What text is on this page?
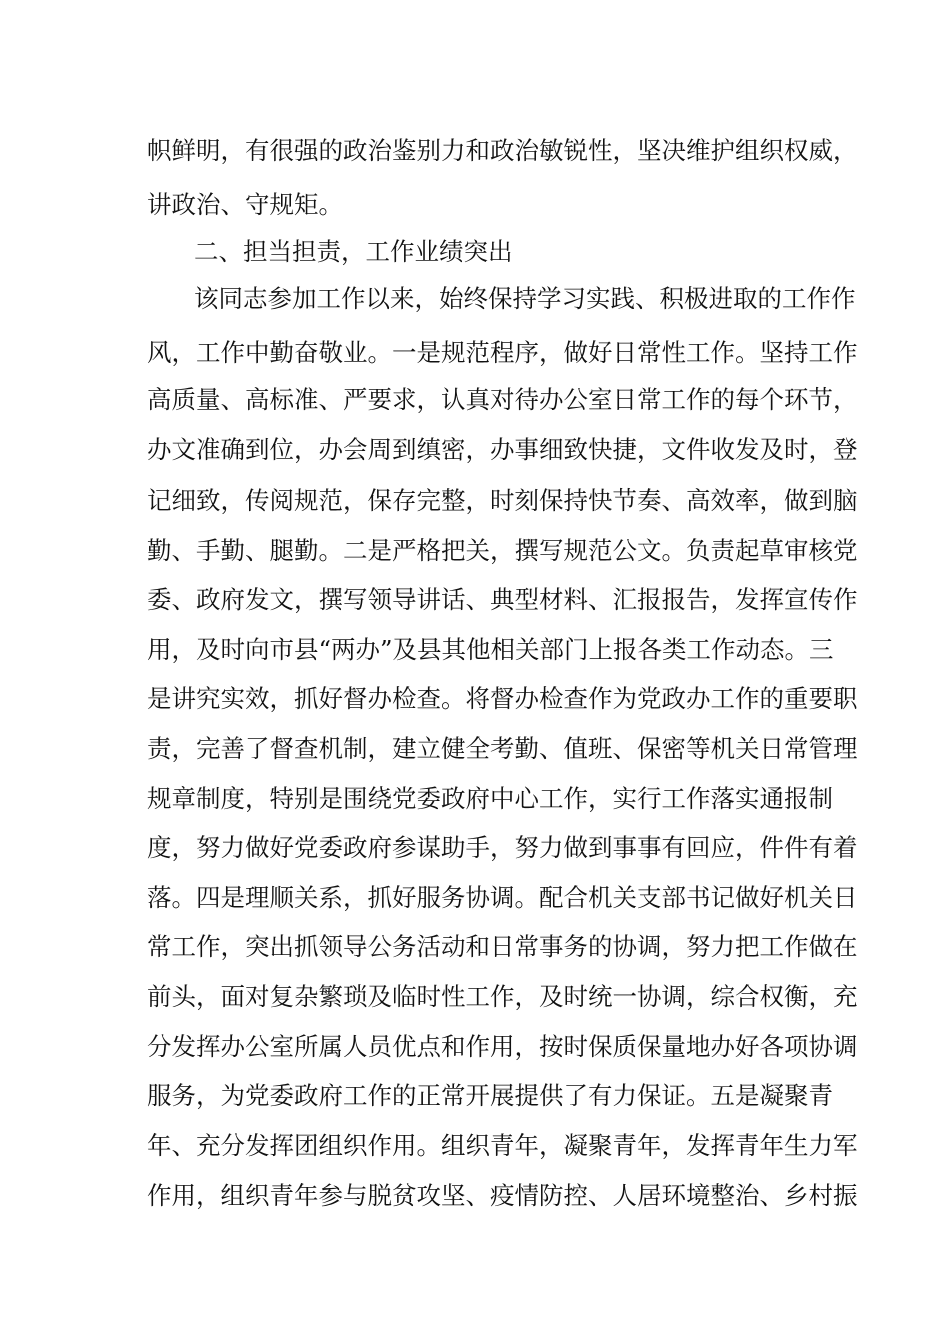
帜鲜明，有很强的政治鉴别力和政治敏锐性，坚决维护组织权威，
讲政治、守规矩。
二、担当担责，工作业绩突出
该同志参加工作以来，始终保持学习实践、积极进取的工作作
风，工作中勤奋敬业。一是规范程序，做好日常性工作。坚持工作
高质量、高标准、严要求，认真对待办公室日常工作的每个环节，
办文准确到位，办会周到缜密，办事细致快捷，文件收发及时，登
记细致，传阅规范，保存完整，时刻保持快节奏、高效率，做到脑
勤、手勤、腿勤。二是严格把关，撰写规范公文。负责起草审核党
委、政府发文，撰写领导讲话、典型材料、汇报报告，发挥宣传作
用，及时向市县“两办”及县其他相关部门上报各类工作动态。三
是讲究实效，抓好督办检查。将督办检查作为党政办工作的重要职
责，完善了督查机制，建立健全考勤、值班、保密等机关日常管理
规章制度，特别是围绕党委政府中心工作，实行工作落实通报制
度，努力做好党委政府参谋助手，努力做到事事有回应，件件有着
落。四是理顺关系，抓好服务协调。配合机关支部书记做好机关日
常工作，突出抓领导公务活动和日常事务的协调，努力把工作做在
前头，面对复杂繁琐及临时性工作，及时统一协调，综合权衡，充
分发挥办公室所属人员优点和作用，按时保质保量地办好各项协调
服务，为党委政府工作的正常开展提供了有力保证。五是凝聚青
年、充分发挥团组织作用。组织青年，凝聚青年，发挥青年生力军
作用，组织青年参与脱贫攻坚、疫情防控、人居环境整治、乡村振
